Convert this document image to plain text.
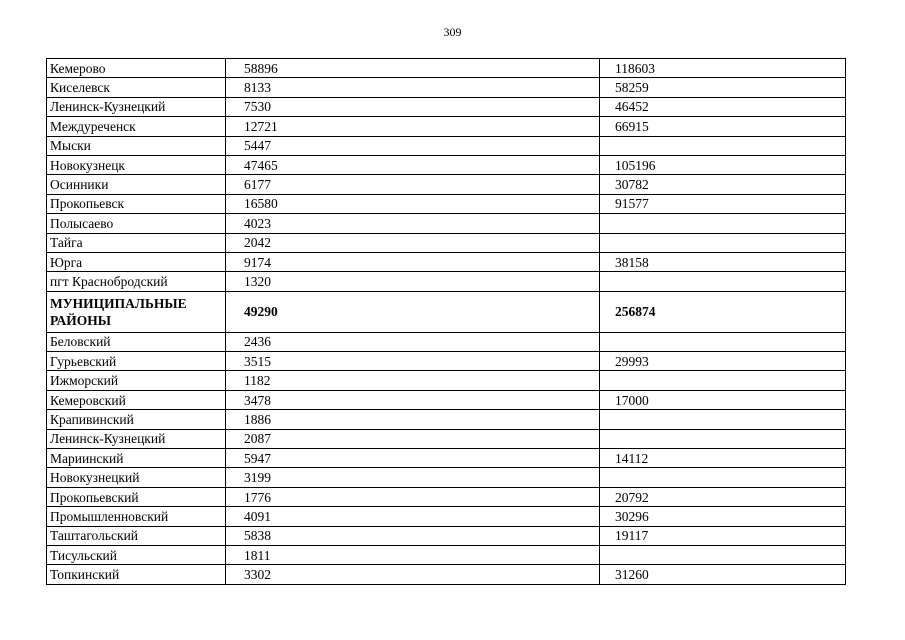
309
Кемерово	58896	118603
Киселевск	8133	58259
Ленинск-Кузнецкий	7530	46452
Междуреченск	12721	66915
Мыски	5447	
Новокузнецк	47465	105196
Осинники	6177	30782
Прокопьевск	16580	91577
Полысаево	4023	
Тайга	2042	
Юрга	9174	38158
пгт Краснобродский	1320	
МУНИЦИПАЛЬНЫЕ РАЙОНЫ	49290	256874
Беловский	2436	
Гурьевский	3515	29993
Ижморский	1182	
Кемеровский	3478	17000
Крапивинский	1886	
Ленинск-Кузнецкий	2087	
Мариинский	5947	14112
Новокузнецкий	3199	
Прокопьевский	1776	20792
Промышленновский	4091	30296
Таштагольский	5838	19117
Тисульский	1811	
Топкинский	3302	31260
